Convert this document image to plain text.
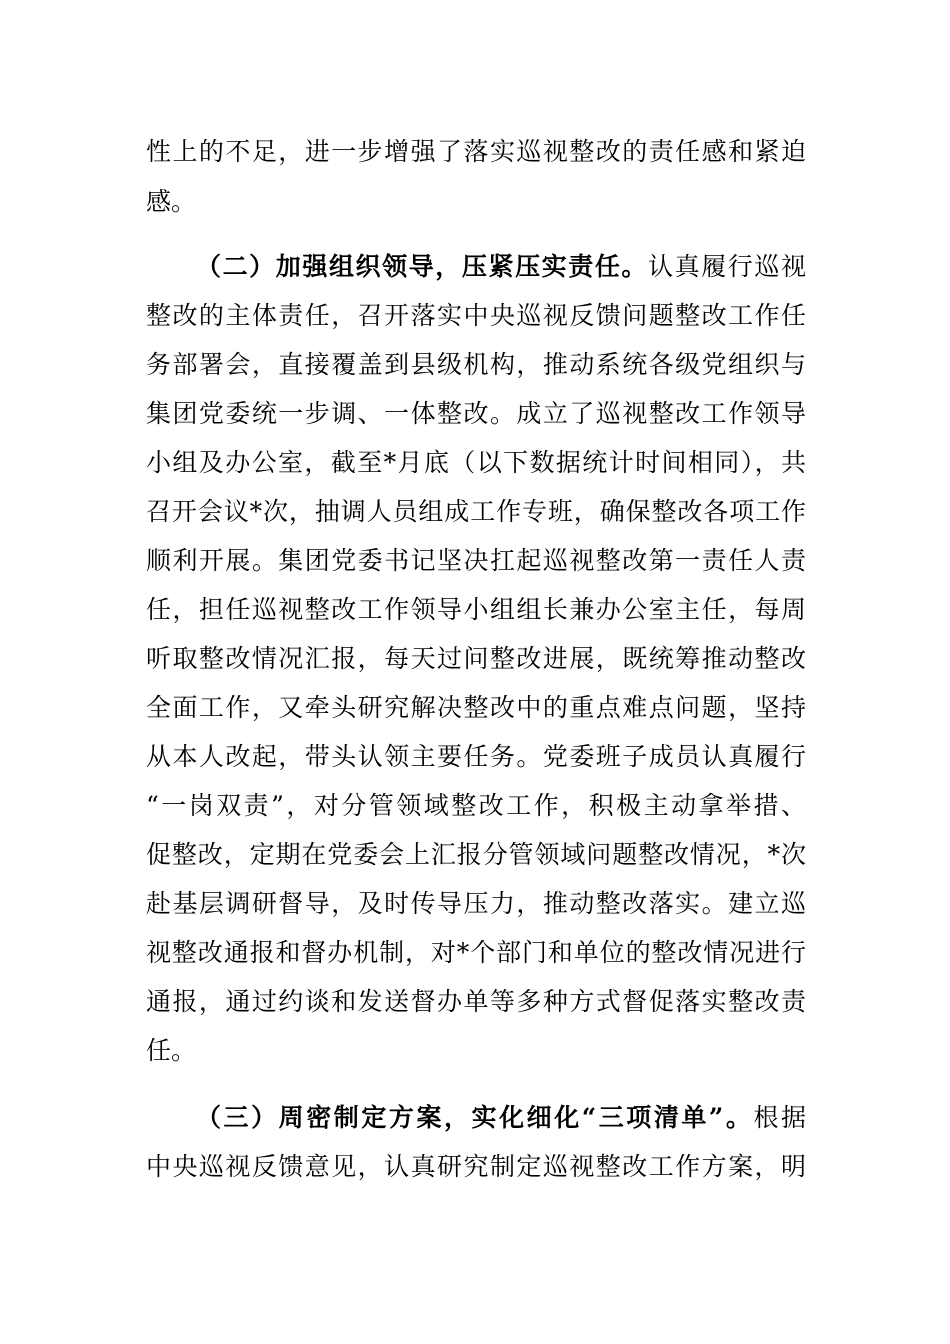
性上的不足，进一步增强了落实巡视整改的责任感和紧迫
感。
（二）加强组织领导，压紧压实责任。认真履行巡视
整改的主体责任，召开落实中央巡视反馈问题整改工作任
务部署会，直接覆盖到县级机构，推动系统各级党组织与
集团党委统一步调、一体整改。成立了巡视整改工作领导
小组及办公室，截至*月底（以下数据统计时间相同），共
召开会议*次，抽调人员组成工作专班，确保整改各项工作
顺利开展。集团党委书记坚决扛起巡视整改第一责任人责
任，担任巡视整改工作领导小组组长兼办公室主任，每周
听取整改情况汇报，每天过问整改进展，既统筹推动整改
全面工作，又牵头研究解决整改中的重点难点问题，坚持
从本人改起，带头认领主要任务。党委班子成员认真履行
“一岗双责”，对分管领域整改工作，积极主动拿举措、
促整改，定期在党委会上汇报分管领域问题整改情况，*次
赴基层调研督导，及时传导压力，推动整改落实。建立巡
视整改通报和督办机制，对*个部门和单位的整改情况进行
通报，通过约谈和发送督办单等多种方式督促落实整改责
任。
（三）周密制定方案，实化细化“三项清单”。根据
中央巡视反馈意见，认真研究制定巡视整改工作方案，明
